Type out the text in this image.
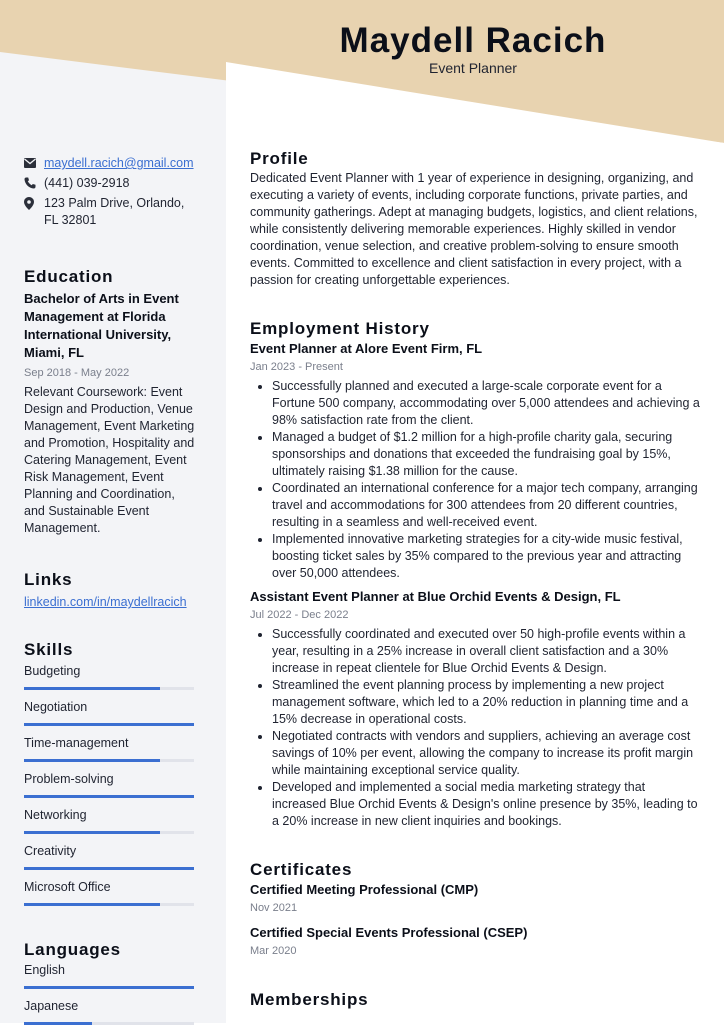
Maydell Racich
Event Planner
maydell.racich@gmail.com
(441) 039-2918
123 Palm Drive, Orlando, FL 32801
Education
Bachelor of Arts in Event Management at Florida International University, Miami, FL
Sep 2018 - May 2022
Relevant Coursework: Event Design and Production, Venue Management, Event Marketing and Promotion, Hospitality and Catering Management, Event Risk Management, Event Planning and Coordination, and Sustainable Event Management.
Links
linkedin.com/in/maydellracich
Skills
Budgeting
Negotiation
Time-management
Problem-solving
Networking
Creativity
Microsoft Office
Languages
English
Japanese
Profile

Dedicated Event Planner with 1 year of experience in designing, organizing, and executing a variety of events, including corporate functions, private parties, and community gatherings. Adept at managing budgets, logistics, and client relations, while consistently delivering memorable experiences. Highly skilled in vendor coordination, venue selection, and creative problem-solving to ensure smooth events. Committed to excellence and client satisfaction in every project, with a passion for creating unforgettable experiences.

Employment History
Event Planner at Alore Event Firm, FL
Jan 2023 - Present
• Successfully planned and executed a large-scale corporate event for a Fortune 500 company, accommodating over 5,000 attendees and achieving a 98% satisfaction rate from the client.
• Managed a budget of $1.2 million for a high-profile charity gala, securing sponsorships and donations that exceeded the fundraising goal by 15%, ultimately raising $1.38 million for the cause.
• Coordinated an international conference for a major tech company, arranging travel and accommodations for 300 attendees from 20 different countries, resulting in a seamless and well-received event.
• Implemented innovative marketing strategies for a city-wide music festival, boosting ticket sales by 35% compared to the previous year and attracting over 50,000 attendees.
Assistant Event Planner at Blue Orchid Events & Design, FL
Jul 2022 - Dec 2022
• Successfully coordinated and executed over 50 high-profile events within a year, resulting in a 25% increase in overall client satisfaction and a 30% increase in repeat clientele for Blue Orchid Events & Design.
• Streamlined the event planning process by implementing a new project management software, which led to a 20% reduction in planning time and a 15% decrease in operational costs.
• Negotiated contracts with vendors and suppliers, achieving an average cost savings of 10% per event, allowing the company to increase its profit margin while maintaining exceptional service quality.
• Developed and implemented a social media marketing strategy that increased Blue Orchid Events & Design's online presence by 35%, leading to a 20% increase in new client inquiries and bookings.
Certificates
Certified Meeting Professional (CMP)
Nov 2021
Certified Special Events Professional (CSEP)
Mar 2020
Memberships
